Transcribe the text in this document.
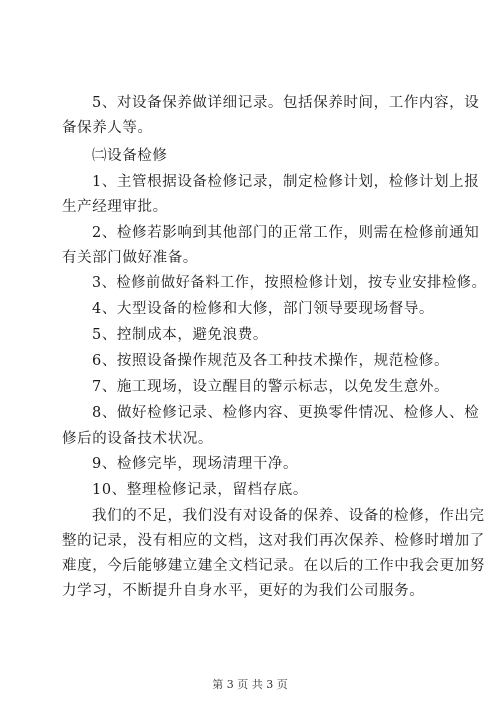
5、对设备保养做详细记录。包括保养时间，工作内容，设
备保养人等。
㈡设备检修
1、主管根据设备检修记录，制定检修计划，检修计划上报
生产经理审批。
2、检修若影响到其他部门的正常工作，则需在检修前通知
有关部门做好准备。
3、检修前做好备料工作，按照检修计划，按专业安排检修。
4、大型设备的检修和大修，部门领导要现场督导。
5、控制成本，避免浪费。
6、按照设备操作规范及各工种技术操作，规范检修。
7、施工现场，设立醒目的警示标志，以免发生意外。
8、做好检修记录、检修内容、更换零件情况、检修人、检
修后的设备技术状况。
9、检修完毕，现场清理干净。
10、整理检修记录，留档存底。
我们的不足，我们没有对设备的保养、设备的检修，作出完
整的记录，没有相应的文档，这对我们再次保养、检修时增加了
难度，今后能够建立建全文档记录。在以后的工作中我会更加努
力学习，不断提升自身水平，更好的为我们公司服务。
第 3 页 共 3 页
